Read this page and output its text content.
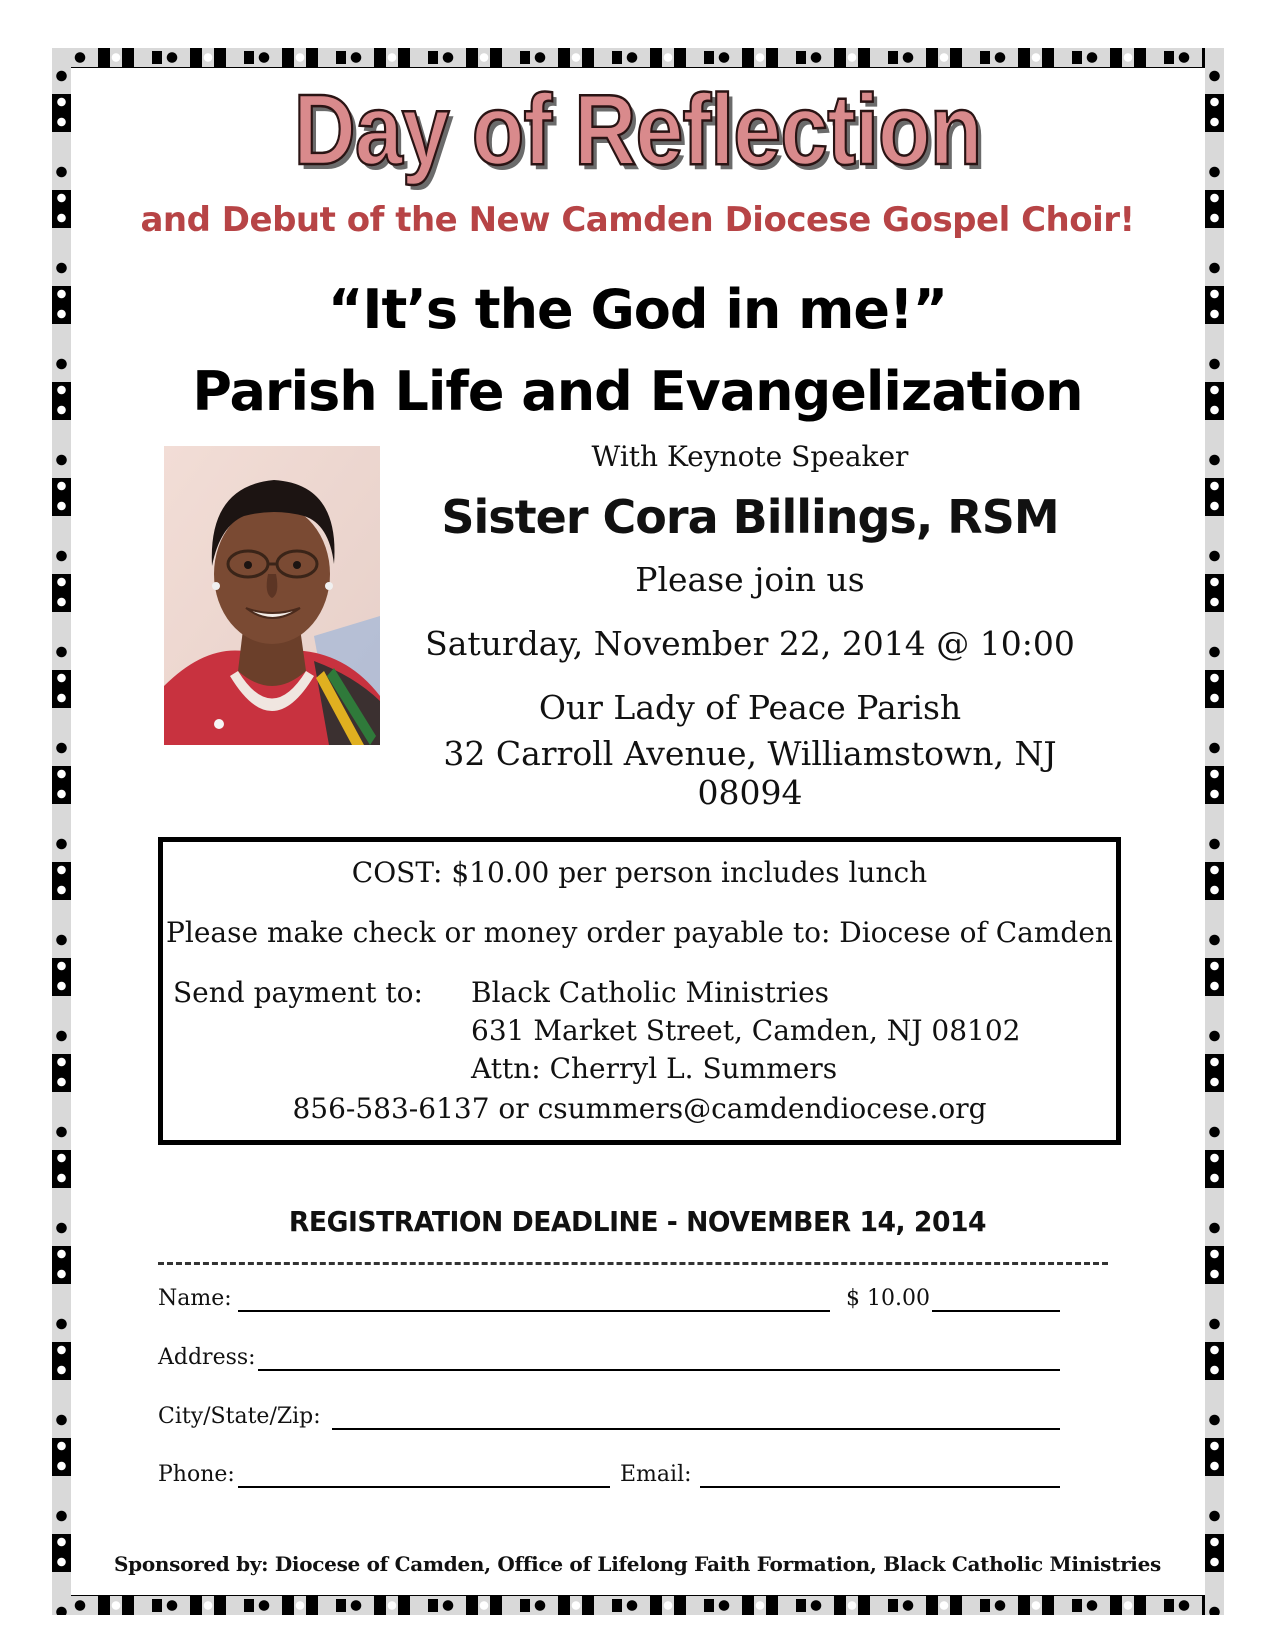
Day of Reflection
and Debut of the New Camden Diocese Gospel Choir!
“It’s the God in me!”
Parish Life and Evangelization
With Keynote Speaker
Sister Cora Billings, RSM
Please join us
Saturday, November 22, 2014 @ 10:00
Our Lady of Peace Parish
32 Carroll Avenue, Williamstown, NJ 08094
COST: $10.00 per person includes lunch
Please make check or money order payable to: Diocese of Camden
Send payment to: Black Catholic Ministries
631 Market Street, Camden, NJ 08102
Attn: Cherryl L. Summers
856-583-6137 or csummers@camdendiocese.org
REGISTRATION DEADLINE - NOVEMBER 14, 2014
Name:	$ 10.00
Address:
City/State/Zip:
Phone:	Email:
Sponsored by: Diocese of Camden, Office of Lifelong Faith Formation, Black Catholic Ministries
